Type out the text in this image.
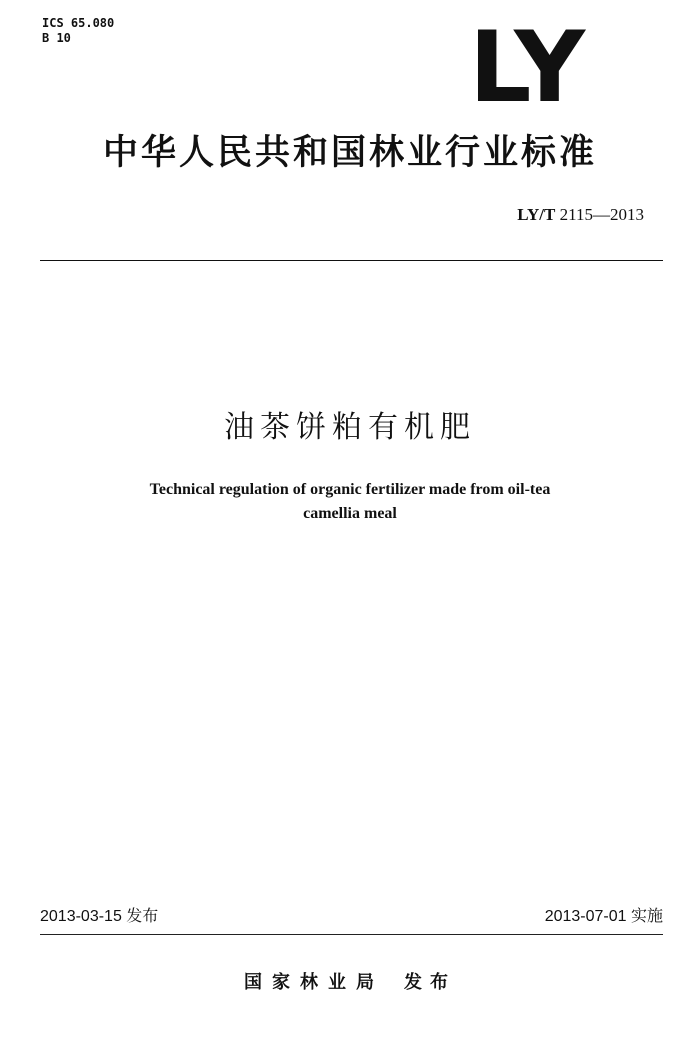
ICS 65.080
B 10	LY
中华人民共和国林业行业标准
LY/T 2115—2013
油茶饼粕有机肥
Technical regulation of organic fertilizer made from oil-tea
camellia meal
2013-03-15 发布	2013-07-01 实施
国家林业局 发布
